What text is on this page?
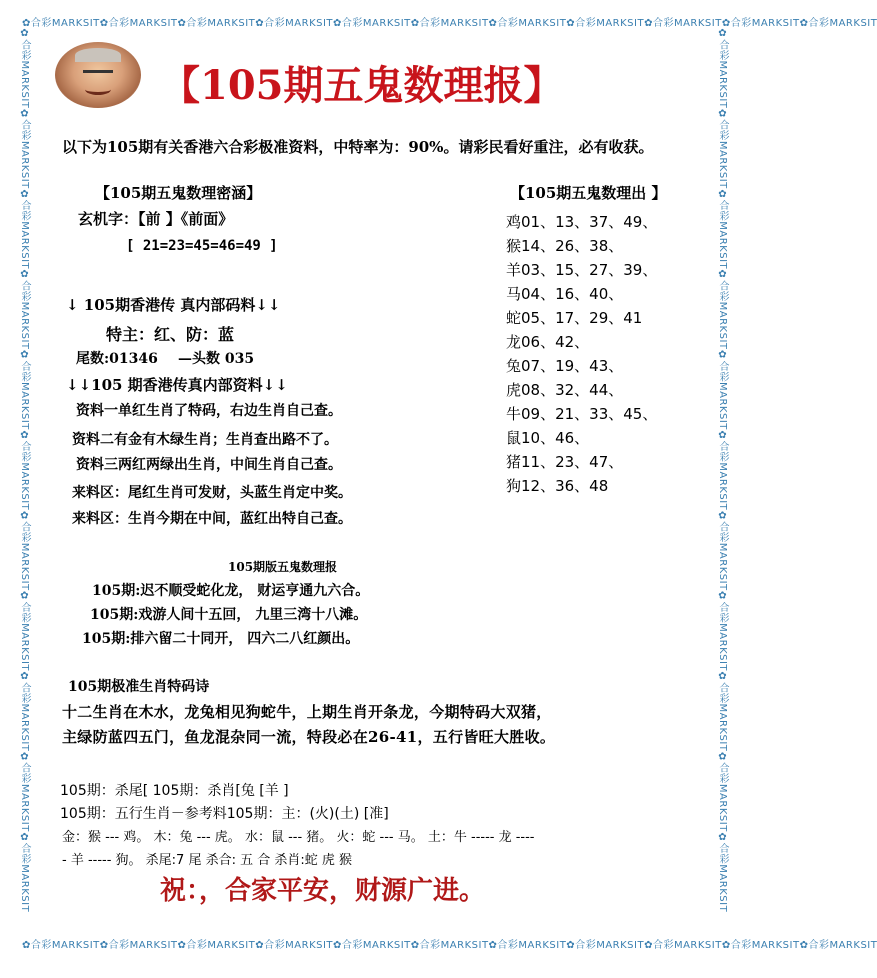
✿合彩MARKSIT✿合彩MARKSIT✿合彩MARKSIT✿合彩MARKSIT✿合彩MARKSIT✿合彩MARKSIT✿合彩MARKSIT✿合彩MARKSIT✿合彩MARKSIT✿合彩MARKSIT✿合彩MARKSIT
✿合彩MARKSIT✿合彩MARKSIT✿合彩MARKSIT✿合彩MARKSIT✿合彩MARKSIT✿合彩MARKSIT✿合彩MARKSIT✿合彩MARKSIT✿合彩MARKSIT✿合彩MARKSIT✿合彩MARKSIT
✿合彩MARKSIT✿合彩MARKSIT✿合彩MARKSIT✿合彩MARKSIT✿合彩MARKSIT✿合彩MARKSIT✿合彩MARKSIT✿合彩MARKSIT✿合彩MARKSIT✿合彩MARKSIT✿合彩MARKSIT	✿合彩MARKSIT✿合彩MARKSIT✿合彩MARKSIT✿合彩MARKSIT✿合彩MARKSIT✿合彩MARKSIT✿合彩MARKSIT✿合彩MARKSIT✿合彩MARKSIT✿合彩MARKSIT✿合彩MARKSIT
【105期五鬼数理报】
以下为105期有关香港六合彩极准资料，中特率为：90%。请彩民看好重注，必有收获。
【105期五鬼数理密涵】
玄机字：【前 】《前面》
[ 21=23=45=46=49 ]
↓ 105期香港传 真内部码料↓↓
特主：红、防：蓝
尾数:01346 —头数 035
↓↓105 期香港传真内部资料↓↓
资料一单红生肖了特码，右边生肖自己查。
资料二有金有木绿生肖；生肖查出路不了。
资料三两红两绿出生肖，中间生肖自己查。
来料区：尾红生肖可发财，头蓝生肖定中奖。
来料区：生肖今期在中间，蓝红出特自己查。
【105期五鬼数理出 】
鸡01、13、37、49、
猴14、26、38、
羊03、15、27、39、
马04、16、40、
蛇05、17、29、41
龙06、42、
兔07、19、43、
虎08、32、44、
牛09、21、33、45、
鼠10、46、
猪11、23、47、
狗12、36、48
105期版五鬼数理报
105期:迟不顺受蛇化龙， 财运亨通九六合。
105期:戏游人间十五回， 九里三湾十八滩。
105期:排六留二十同开， 四六二八红颜出。
105期极准生肖特码诗
十二生肖在木水，龙兔相见狗蛇牛，上期生肖开条龙，今期特码大双猪，
主绿防蓝四五门，鱼龙混杂同一流，特段必在26-41，五行皆旺大胜收。
105期：杀尾[ 105期：杀肖[兔 [羊 ]
105期：五行生肖－参考料105期：主：(火)(土) [准]
金：猴 --- 鸡。 木：兔 --- 虎。 水：鼠 --- 猪。 火：蛇 --- 马。 土：牛 ----- 龙 ----
- 羊 ----- 狗。 杀尾:7 尾 杀合: 五 合 杀肖:蛇 虎 猴
祝：，合家平安，财源广进。
